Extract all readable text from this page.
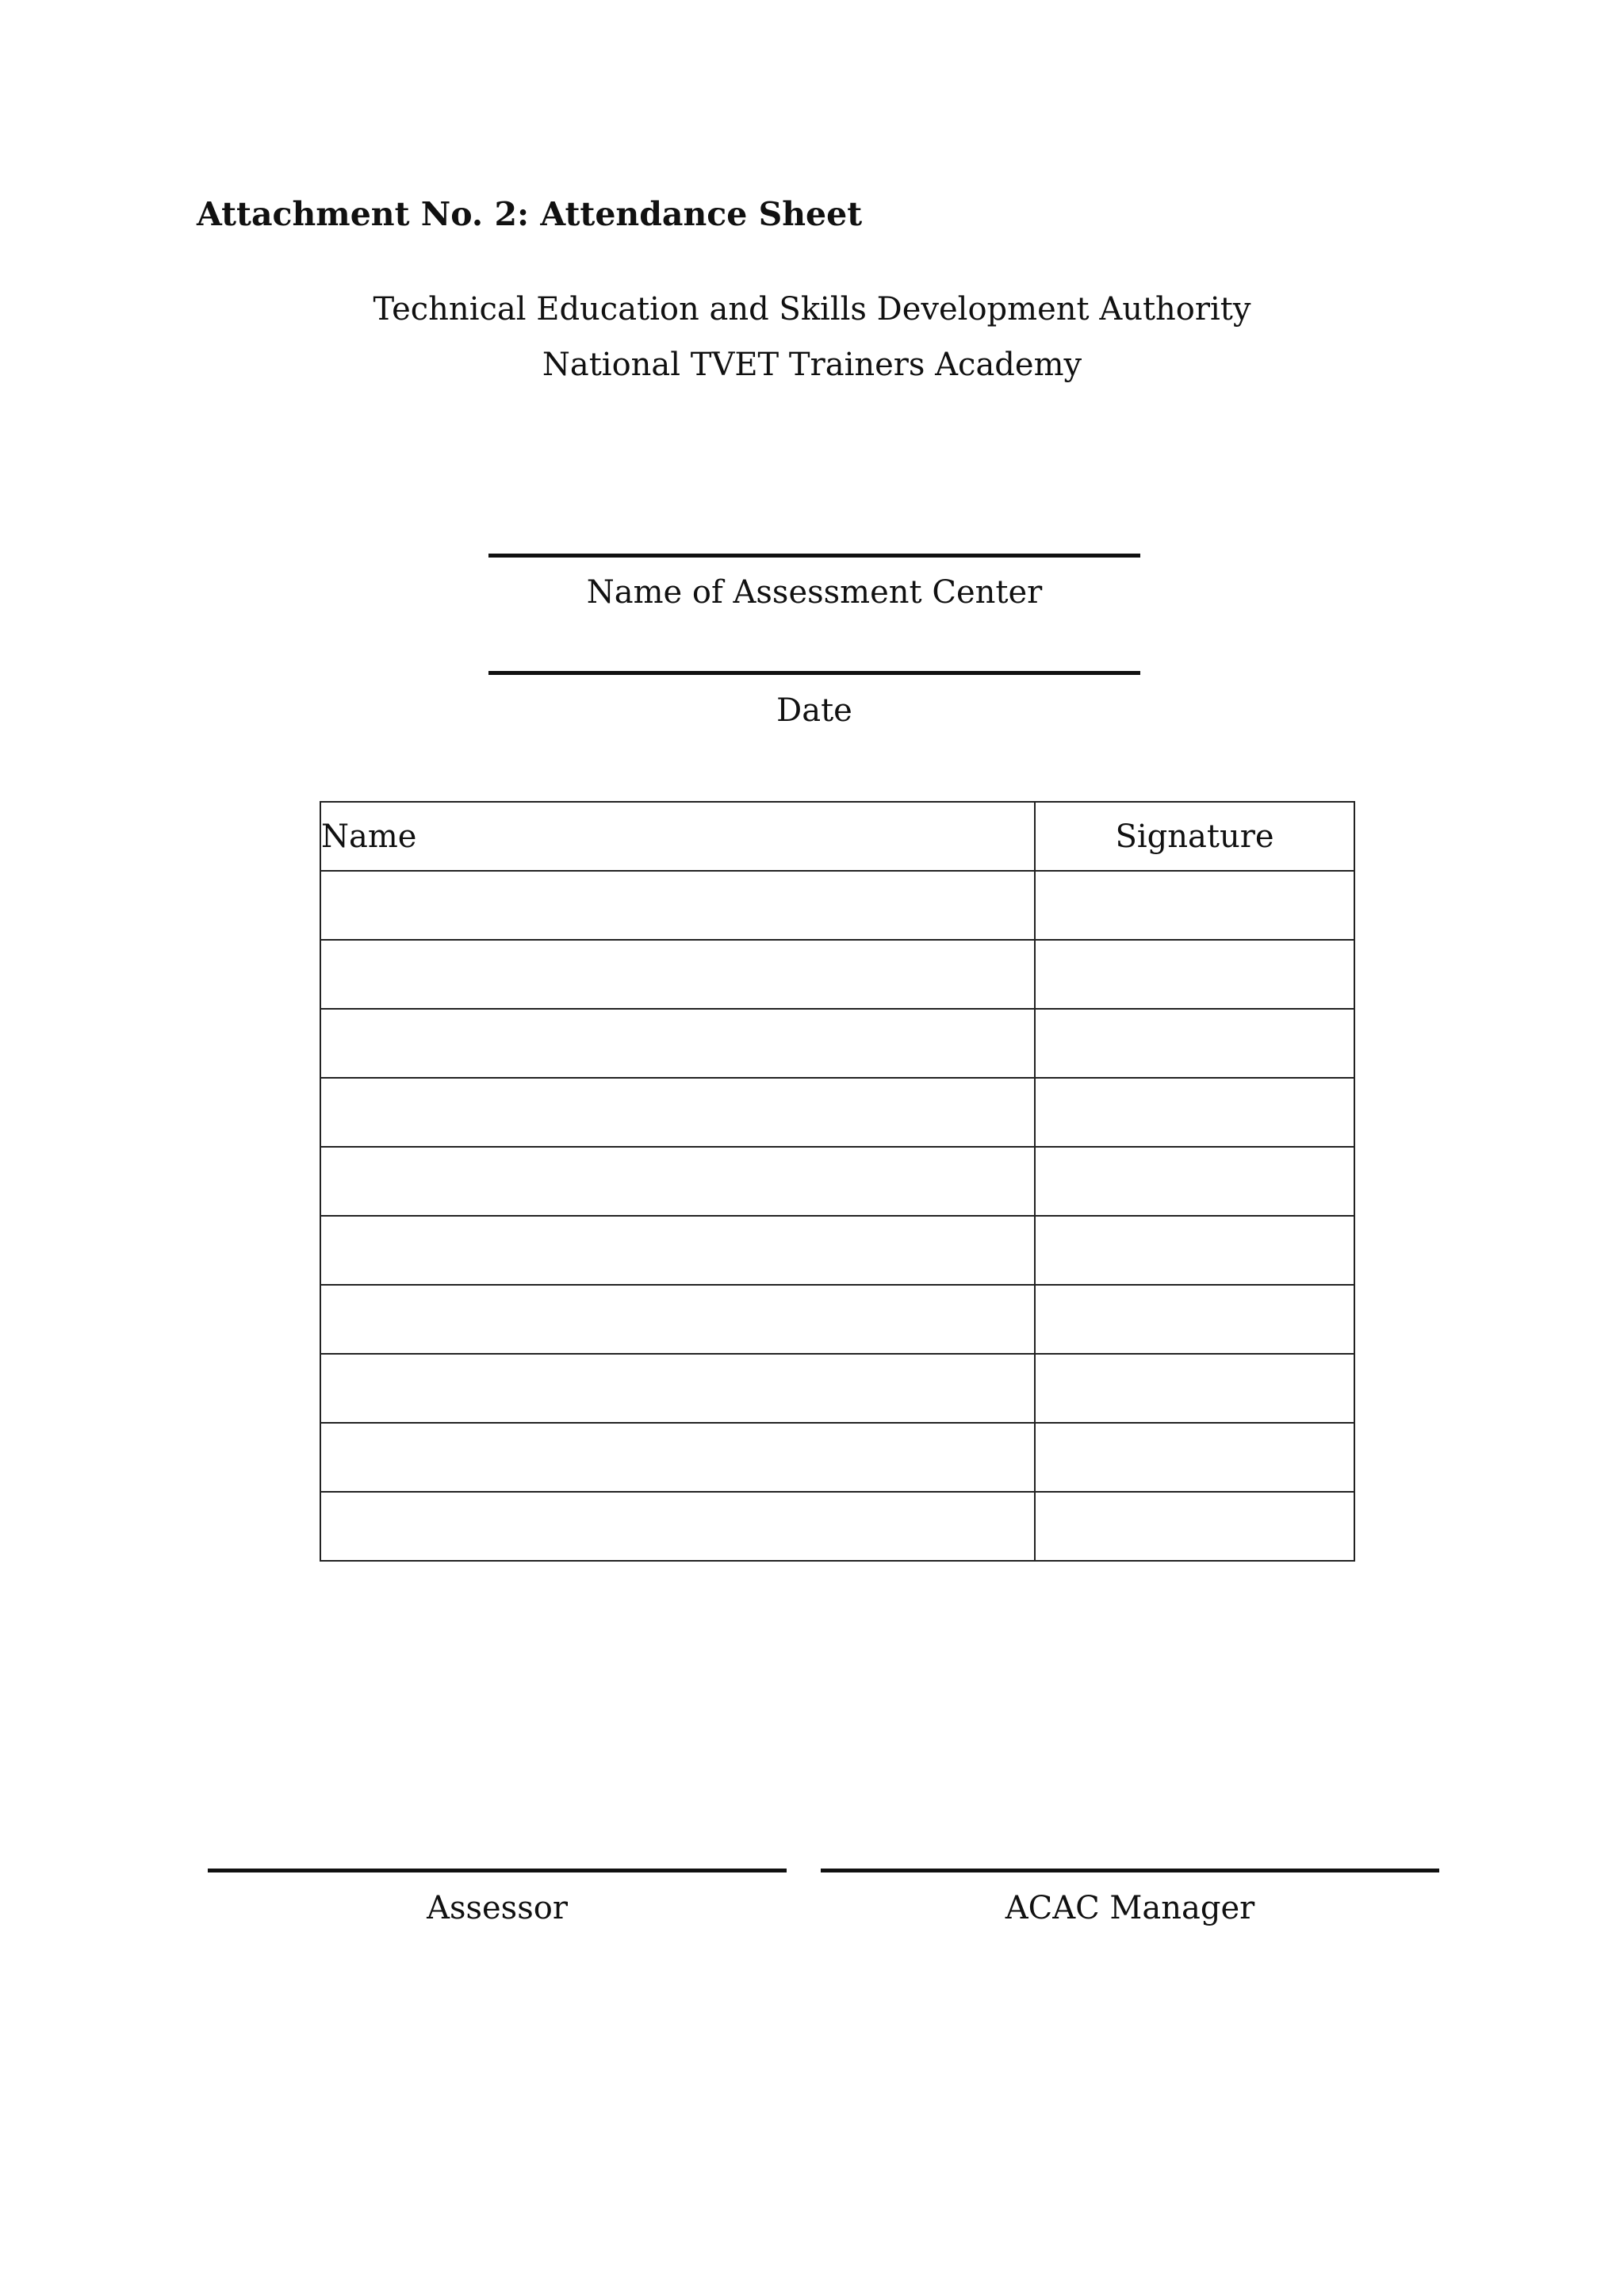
Attachment No. 2: Attendance Sheet

Technical Education and Skills Development Authority

National TVET Trainers Academy

Name of Assessment Center

Date

Name	Signature

Assessor	ACAC Manager
